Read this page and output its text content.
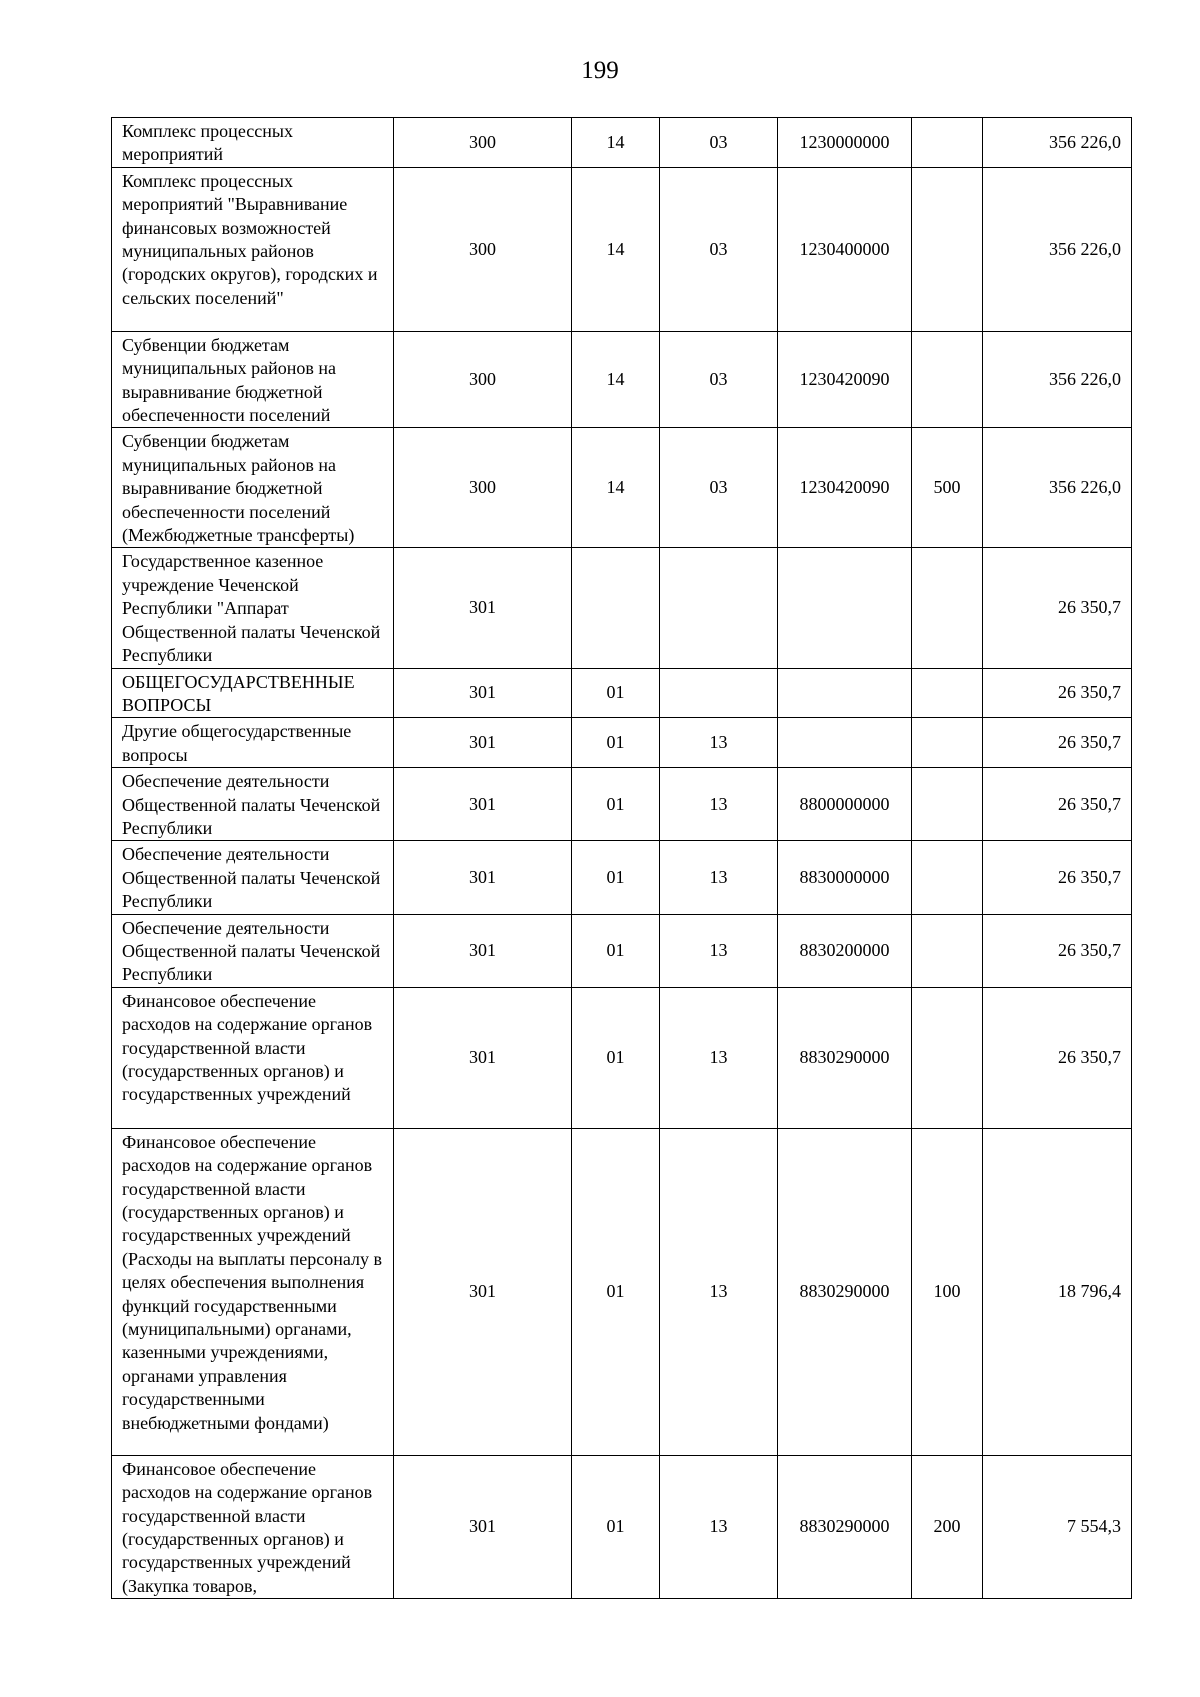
199
Комплекс процессных мероприятий	300	14	03	1230000000		356 226,0
Комплекс процессных мероприятий "Выравнивание финансовых возможностей муниципальных районов (городских округов), городских и сельских поселений"	300	14	03	1230400000		356 226,0
Субвенции бюджетам муниципальных районов на выравнивание бюджетной обеспеченности поселений	300	14	03	1230420090		356 226,0
Субвенции бюджетам муниципальных районов на выравнивание бюджетной обеспеченности поселений (Межбюджетные трансферты)	300	14	03	1230420090	500	356 226,0
Государственное казенное учреждение Чеченской Республики "Аппарат Общественной палаты Чеченской Республики	301					26 350,7
ОБЩЕГОСУДАРСТВЕННЫЕ ВОПРОСЫ	301	01				26 350,7
Другие общегосударственные вопросы	301	01	13			26 350,7
Обеспечение деятельности Общественной палаты Чеченской Республики	301	01	13	8800000000		26 350,7
Обеспечение деятельности Общественной палаты Чеченской Республики	301	01	13	8830000000		26 350,7
Обеспечение деятельности Общественной палаты Чеченской Республики	301	01	13	8830200000		26 350,7
Финансовое обеспечение расходов на содержание органов государственной власти (государственных органов) и государственных учреждений	301	01	13	8830290000		26 350,7
Финансовое обеспечение расходов на содержание органов государственной власти (государственных органов) и государственных учреждений (Расходы на выплаты персоналу в целях обеспечения выполнения функций государственными (муниципальными) органами, казенными учреждениями, органами управления государственными внебюджетными фондами)	301	01	13	8830290000	100	18 796,4
Финансовое обеспечение расходов на содержание органов государственной власти (государственных органов) и государственных учреждений (Закупка товаров,	301	01	13	8830290000	200	7 554,3
